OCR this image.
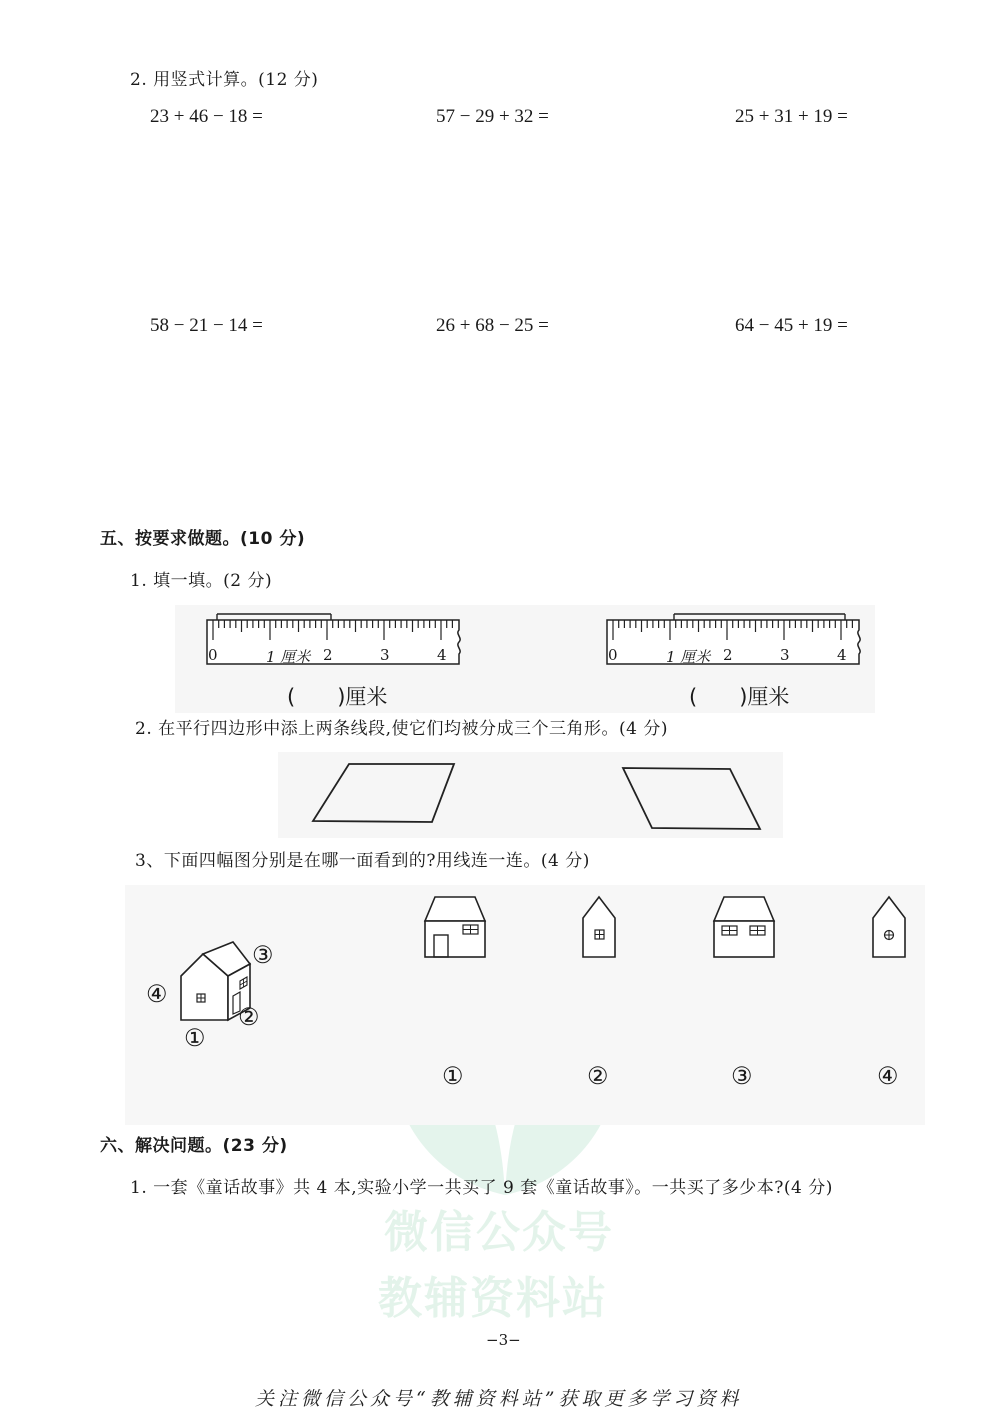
微信公众号
教辅资料站
2. 用竖式计算。(12 分)
23 + 46 − 18 =	57 − 29 + 32 =	25 + 31 + 19 =
58 − 21 − 14 =	26 + 68 − 25 =	64 − 45 + 19 =
五、按要求做题。(10 分)
1. 填一填。(2 分)
0	1 厘米 2	3	4
(　　)厘米
0	1 厘米 2	3	4
(　　)厘米
2. 在平行四边形中添上两条线段,使它们均被分成三个三角形。(4 分)
3、下面四幅图分别是在哪一面看到的?用线连一连。(4 分)
③
④
②
①
①	②	③	④
六、解决问题。(23 分)
1. 一套《童话故事》共 4 本,实验小学一共买了 9 套《童话故事》。一共买了多少本?(4 分)
−3−
关注微信公众号“教辅资料站”获取更多学习资料
